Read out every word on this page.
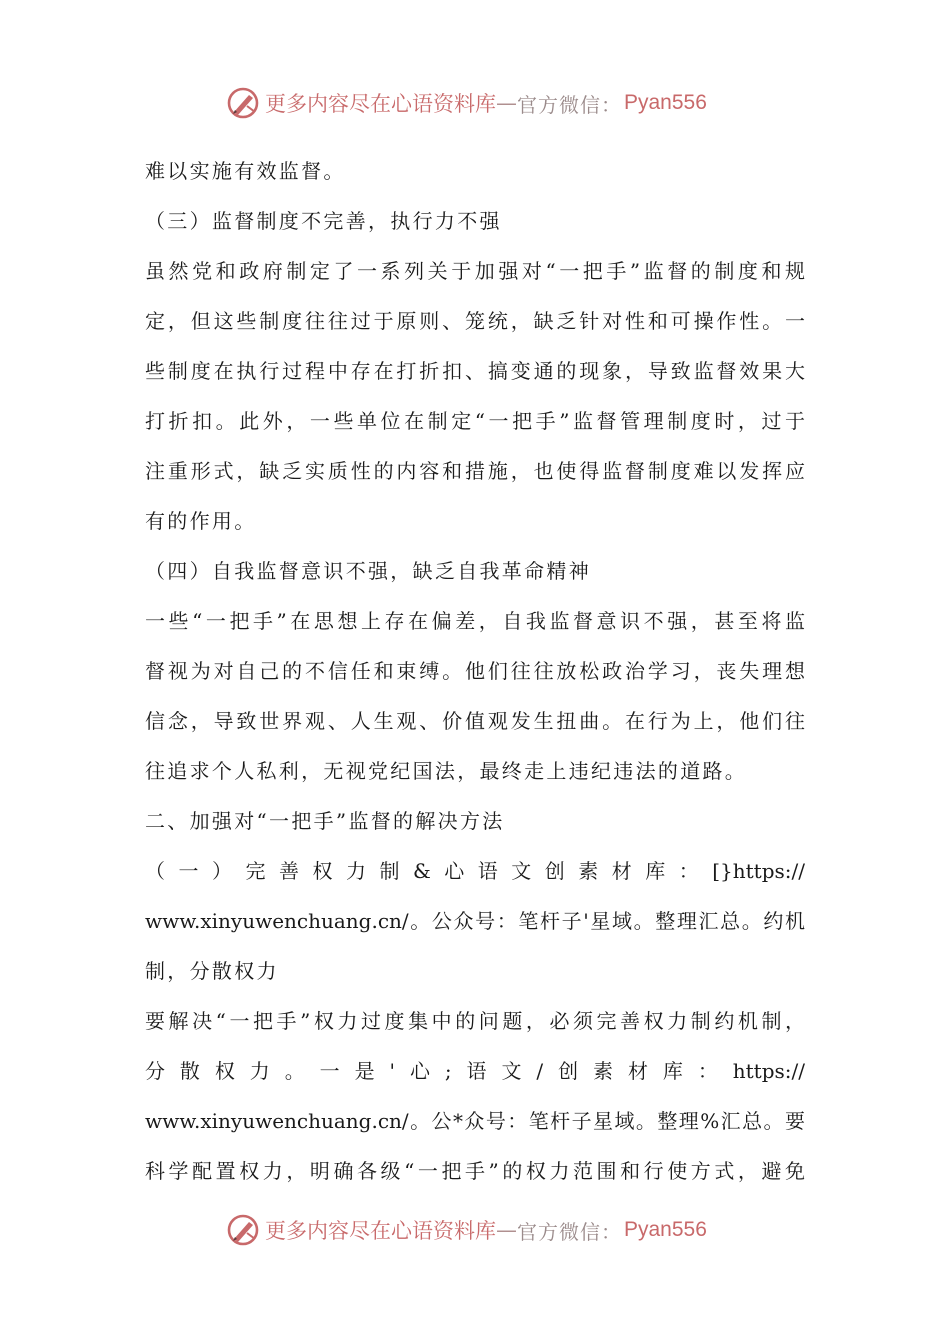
更多内容尽在心语资料库 — 官方微信： Pyan556
难以实施有效监督。
（三）监督制度不完善，执行力不强
虽然党和政府制定了一系列关于加强对“一把手”监督的制度和规
定，但这些制度往往过于原则、笼统，缺乏针对性和可操作性。一
些制度在执行过程中存在打折扣、搞变通的现象，导致监督效果大
打折扣。此外，一些单位在制定“一把手”监督管理制度时，过于
注重形式，缺乏实质性的内容和措施，也使得监督制度难以发挥应
有的作用。
（四）自我监督意识不强，缺乏自我革命精神
一些“一把手”在思想上存在偏差，自我监督意识不强，甚至将监
督视为对自己的不信任和束缚。他们往往放松政治学习，丧失理想
信念，导致世界观、人生观、价值观发生扭曲。在行为上，他们往
往追求个人私利，无视党纪国法，最终走上违纪违法的道路。
二、加强对“一把手”监督的解决方法
（一）完善权力制&心语文创素材库：[}https://
www.xinyuwenchuang.cn/。公众号：笔杆子'星域。整理汇总。约机
制，分散权力
要解决“一把手”权力过度集中的问题，必须完善权力制约机制，
分散权力。一是'心;语文/创素材库：https://
www.xinyuwenchuang.cn/。公*众号：笔杆子星域。整理%汇总。要
科学配置权力，明确各级“一把手”的权力范围和行使方式，避免
更多内容尽在心语资料库 — 官方微信： Pyan556
